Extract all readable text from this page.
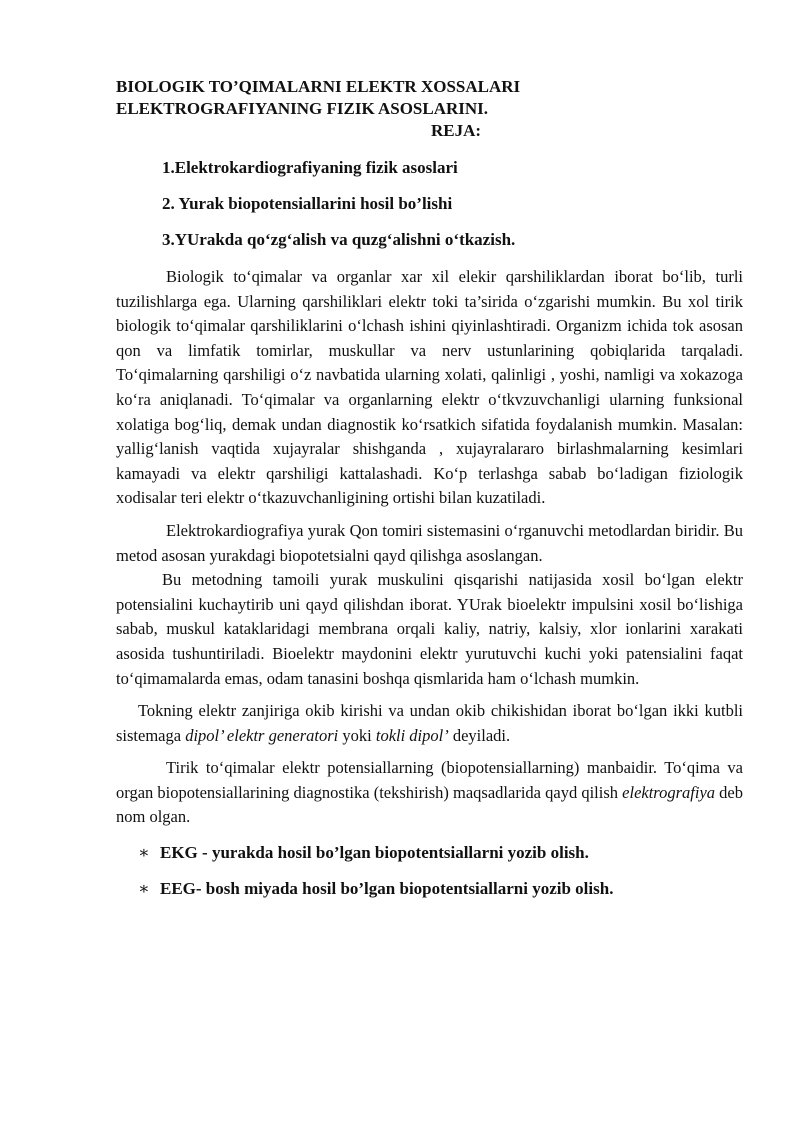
BIOLOGIK TO’QIMALARNI ELEKTR XOSSALARI
ELEKTROGRAFIYANING FIZIK ASOSLARINI.
REJA:
1.Elektrokardiografiyaning fizik asoslari
2. Yurak biopotensiallarini hosil bo’lishi
3.YUrakda qo‘zg‘alish va quzg‘alishni o‘tkazish.

Biologik to‘qimalar va organlar xar xil elekir qarshiliklardan iborat bo‘lib, turli tuzilishlarga ega. Ularning qarshiliklari elektr toki ta’sirida o‘zgarishi mumkin. Bu xol tirik biologik to‘qimalar qarshiliklarini o‘lchash ishini qiyinlashtiradi. Organizm ichida tok asosan qon va limfatik tomirlar, muskullar va nerv ustunlarining qobiqlarida tarqaladi. To‘qimalarning qarshiligi o‘z navbatida ularning xolati, qalinligi , yoshi, namligi va xokazoga ko‘ra aniqlanadi. To‘qimalar va organlarning elektr o‘tkvzuvchanligi ularning funksional xolatiga bog‘liq, demak undan diagnostik ko‘rsatkich sifatida foydalanish mumkin. Masalan: yallig‘lanish vaqtida xujayralar shishganda , xujayralararo birlashmalarning kesimlari kamayadi va elektr qarshiligi kattalashadi. Ko‘p terlashga sabab bo‘ladigan fiziologik xodisalar teri elektr o‘tkazuvchanligining ortishi bilan kuzatiladi.

Elektrokardiografiya yurak Qon tomiri sistemasini o‘rganuvchi metodlardan biridir. Bu metod asosan yurakdagi biopotetsialni qayd qilishga asoslangan.

Bu metodning tamoili yurak muskulini qisqarishi natijasida xosil bo‘lgan elektr potensialini kuchaytirib uni qayd qilishdan iborat. YUrak bioelektr impulsini xosil bo‘lishiga sabab, muskul kataklaridagi membrana orqali kaliy, natriy, kalsiy, xlor ionlarini xarakati asosida tushuntiriladi. Bioelektr maydonini elektr yurutuvchi kuchi yoki patensialini faqat to‘qimamalarda emas, odam tanasini boshqa qismlarida ham o‘lchash mumkin.

Tokning elektr zanjiriga okib kirishi va undan okib chikishidan iborat bo‘lgan ikki kutbli sistemaga dipol’ elektr generatori yoki tokli dipol’ deyiladi.

Tirik to‘qimalar elektr potensiallarning (biopotensiallarning) manbaidir. To‘qima va organ biopotensiallarining diagnostika (tekshirish) maqsadlarida qayd qilish elektrografiya deb nom olgan.

∗ EKG - yurakda hosil bo’lgan biopotentsiallarni yozib olish.
∗ EEG- bosh miyada hosil bo’lgan biopotentsiallarni yozib olish.
